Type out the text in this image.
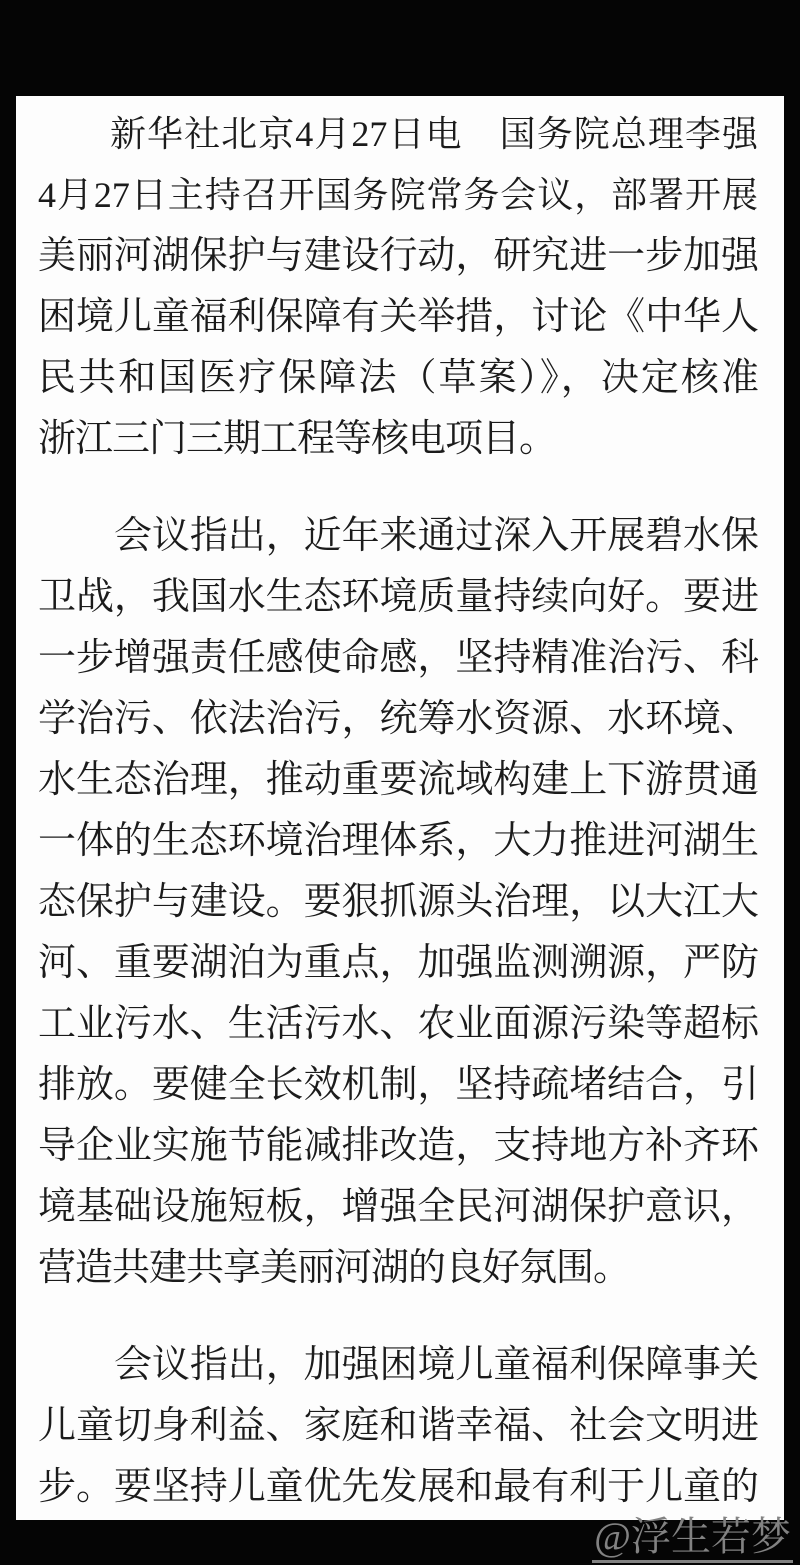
新华社北京4月27日电　国务院总理李强
4月27日主持召开国务院常务会议，部署开展
美丽河湖保护与建设行动，研究进一步加强
困境儿童福利保障有关举措，讨论《中华人
民共和国医疗保障法（草案）》，决定核准
浙江三门三期工程等核电项目。
会议指出，近年来通过深入开展碧水保
卫战，我国水生态环境质量持续向好。要进
一步增强责任感使命感，坚持精准治污、科
学治污、依法治污，统筹水资源、水环境、
水生态治理，推动重要流域构建上下游贯通
一体的生态环境治理体系，大力推进河湖生
态保护与建设。要狠抓源头治理，以大江大
河、重要湖泊为重点，加强监测溯源，严防
工业污水、生活污水、农业面源污染等超标
排放。要健全长效机制，坚持疏堵结合，引
导企业实施节能减排改造，支持地方补齐环
境基础设施短板，增强全民河湖保护意识，
营造共建共享美丽河湖的良好氛围。
会议指出，加强困境儿童福利保障事关
儿童切身利益、家庭和谐幸福、社会文明进
步。要坚持儿童优先发展和最有利于儿童的
@浮生若梦
